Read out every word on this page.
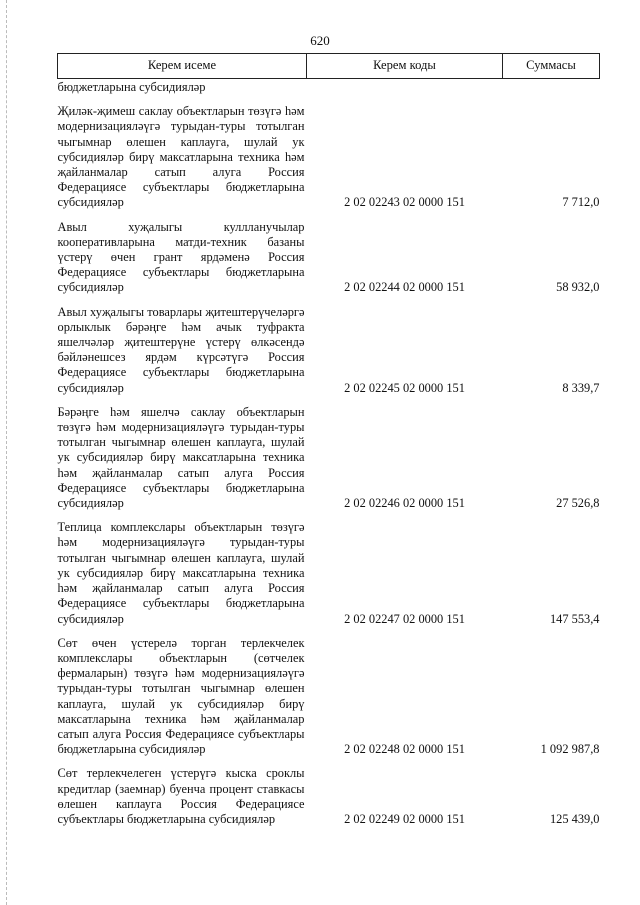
620
Керем исеме	Керем коды	Суммасы
бюджетларына субсидияләр		
Җиләк-җимеш саклау объектларын төзүгә һәм модернизацияләүгә турыдан-туры тотылган чыгымнар өлешен каплауга, шулай ук субсидияләр бирү максатларына техника һәм җайланмалар сатып алуга Россия Федерациясе субъектлары бюджетларына субсидияләр	2 02 02243 02 0000 151	7 712,0
Авыл хуҗалыгы куллланучылар кооперативларына матди-техник базаны үстерү өчен грант ярдәменә Россия Федерациясе субъектлары бюджетларына субсидияләр	2 02 02244 02 0000 151	58 932,0
Авыл хуҗалыгы товарлары җитештерүчеләргә орлыклык бәрәңге һәм ачык туфрактa яшелчәләр җитештерүне үстерү өлкәсендә бәйләнешсез ярдәм күрсәтүгә Россия Федерациясе субъектлары бюджетларына субсидияләр	2 02 02245 02 0000 151	8 339,7
Бәрәңге һәм яшелчә саклау объектларын төзүгә һәм модернизацияләүгә турыдан-туры тотылган чыгымнар өлешен каплауга, шулай ук субсидияләр бирү максатларына техника һәм җайланмалар сатып алуга Россия Федерациясе субъектлары бюджетларына субсидияләр	2 02 02246 02 0000 151	27 526,8
Теплица комплекслары объектларын төзүгә һәм модернизацияләүгә турыдан-туры тотылган чыгымнар өлешен каплауга, шулай ук субсидияләр бирү максатларына техника һәм җайланмалар сатып алуга Россия Федерациясе субъектлары бюджетларына субсидияләр	2 02 02247 02 0000 151	147 553,4
Сөт өчен үстерелә торган терлекчелек комплекслары объектларын (сөтчелек фермаларын) төзүгә һәм модернизацияләүгә турыдан-туры тотылган чыгымнар өлешен каплауга, шулай ук субсидияләр бирү максатларына техника һәм җайланмалар сатып алуга Россия Федерациясе субъектлары бюджетларына субсидияләр	2 02 02248 02 0000 151	1 092 987,8
Сөт терлекчелеген үстерүгә кыска сроклы кредитлар (заемнар) буенча процент ставкасы өлешен каплауга Россия Федерациясе субъектлары бюджетларына субсидияләр	2 02 02249 02 0000 151	125 439,0
